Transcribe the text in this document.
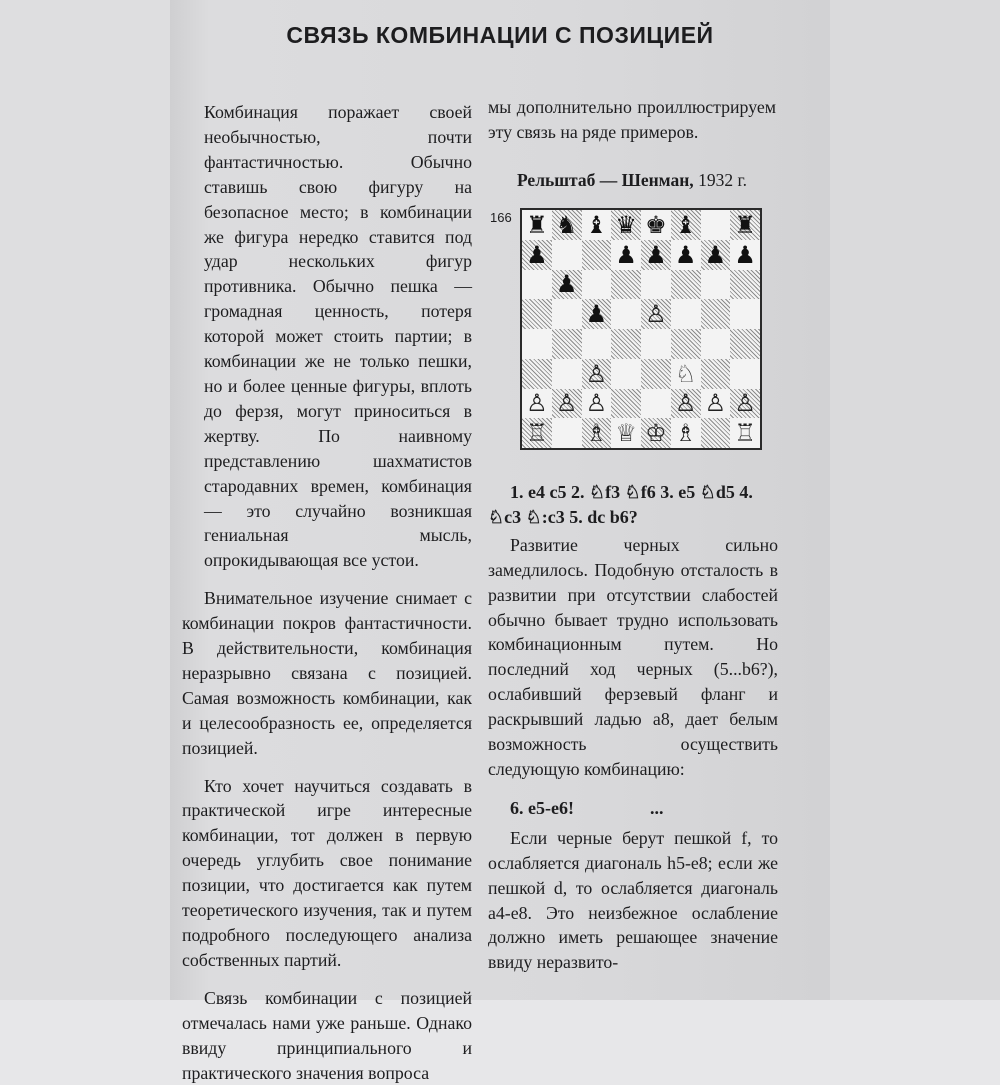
СВЯЗЬ КОМБИНАЦИИ С ПОЗИЦИЕЙ

Комбинация поражает своей необычностью, почти фантастичностью. Обычно ставишь свою фигуру на безопасное место; в комбинации же фигура нередко ставится под удар нескольких фигур противника. Обычно пешка — громадная ценность, потеря которой может стоить партии; в комбинации же не только пешки, но и более ценные фигуры, вплоть до ферзя, могут приноситься в жертву. По наивному представлению шахматистов стародавних времен, комбинация — это случайно возникшая гениальная мысль, опрокидывающая все устои.

Внимательное изучение снимает с комбинации покров фантастичности. В действительности, комбинация неразрывно связана с позицией. Самая возможность комбинации, как и целесообразность ее, определяется позицией.

Кто хочет научиться создавать в практической игре интересные комбинации, тот должен в первую очередь углубить свое понимание позиции, что достигается как путем теоретического изучения, так и путем подробного последующего анализа собственных партий.

Связь комбинации с позицией отмечалась нами уже раньше. Однако ввиду принципиального и практического значения вопроса

мы дополнительно проиллюстрируем эту связь на ряде примеров.
Рельштаб — Шенман, 1932 г.
166 ♜ ♞ ♝ ♛ ♚ ♝ ♜
♟	♟ ♟ ♟ ♟ ♟
♟
♟ ♙
♙	♘
♙ ♙ ♙	♙ ♙ ♙
♖ ♗ ♕ ♔ ♗ ♖
1. e4 c5 2. ♘f3 ♘f6 3. e5 ♘d5 4.
♘c3 ♘:c3 5. dc b6?

Развитие черных сильно замедлилось. Подобную отсталость в развитии при отсутствии слабостей обычно бывает трудно использовать комбинационным путем. Но последний ход черных (5...b6?), ослабивший ферзевый фланг и раскрывший ладью a8, дает белым возможность осуществить следующую комбинацию:

6. e5-e6!	...

Если черные берут пешкой f, то ослабляется диагональ h5-e8; если же пешкой d, то ослабляется диагональ a4-e8. Это неизбежное ослабление должно иметь решающее значение ввиду неразвито-
